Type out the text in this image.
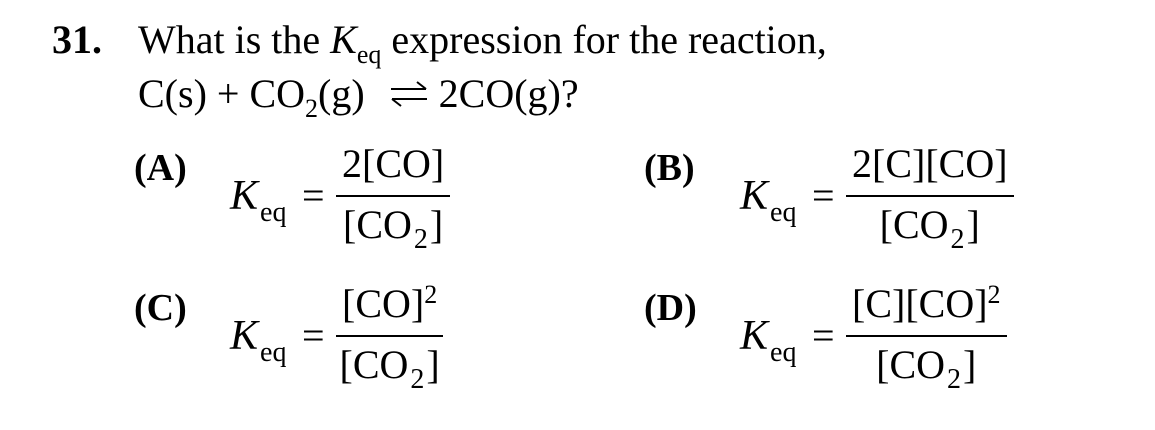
31. What is the $K_{eq}$ expression for the reaction,
$C(s) + CO_2(g)$ ⇌ 2CO(g)?
(A)
$K_{eq}$ =
2[CO]
$[CO_2]$
(B)
$K_{eq}$ =
2[C][CO]
$[CO_2]$
(C)
$K_{eq}$ =
[CO]$^2$
$[CO_2]$
(D)
$K_{eq}$ =
[C][CO]$^2$
$[CO_2]$
